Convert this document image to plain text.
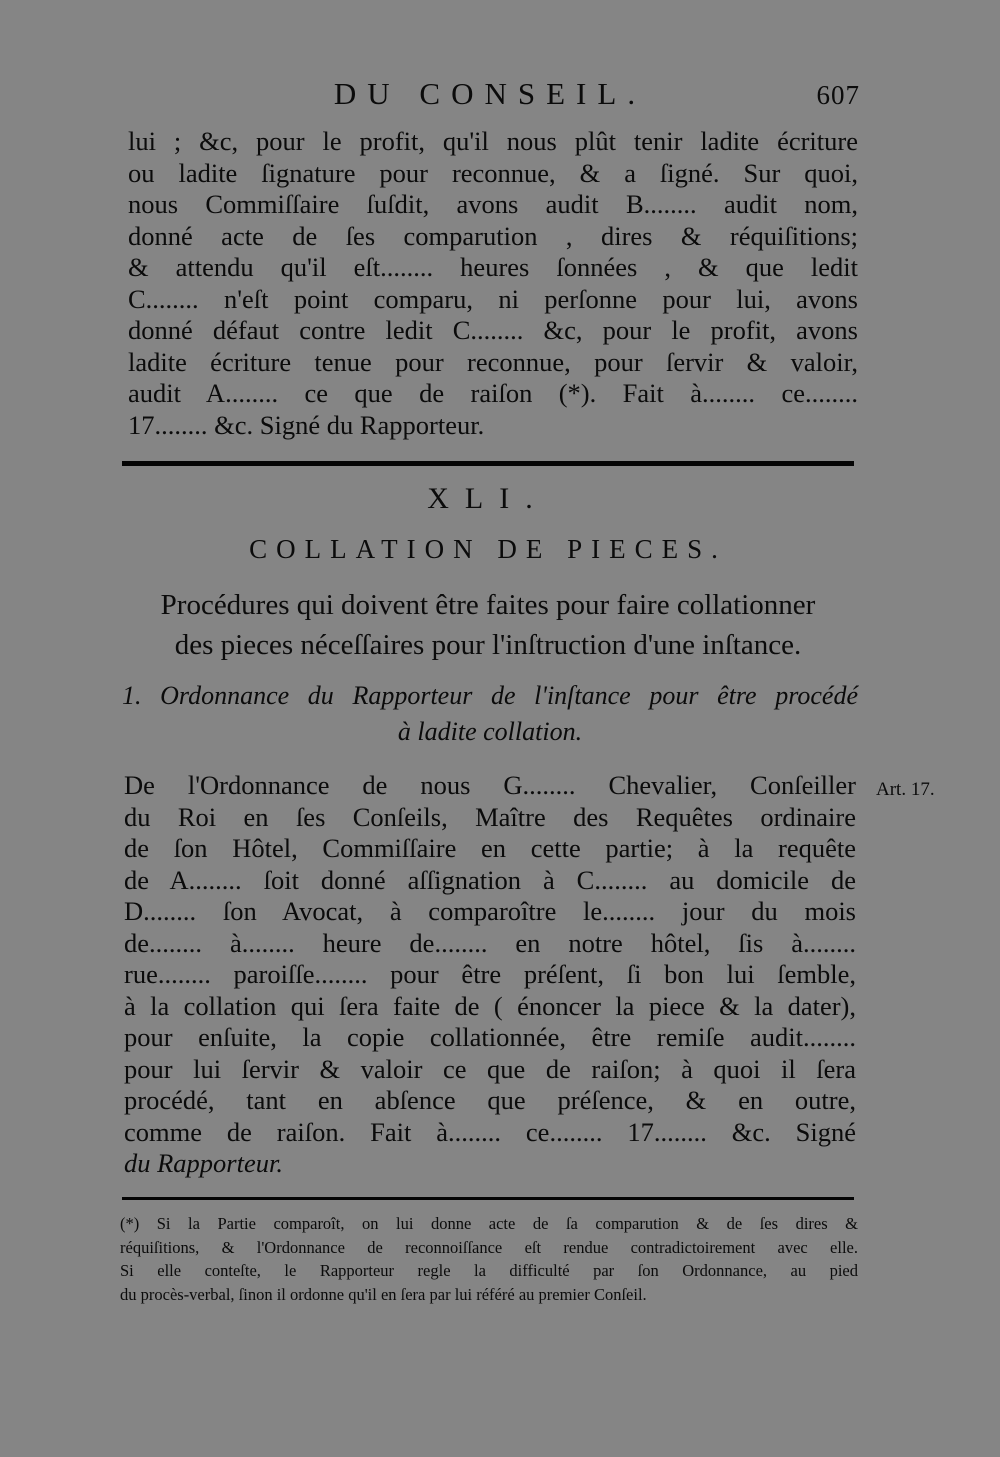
DU CONSEIL.	607
lui ; &c, pour le profit, qu'il nous plût tenir ladite écriture
ou ladite ſignature pour reconnue, & a ſigné. Sur quoi,
nous Commiſſaire ſuſdit, avons audit B........ audit nom,
donné acte de ſes comparution , dires & réquiſitions;
& attendu qu'il eſt........ heures ſonnées , & que ledit
C........ n'eſt point comparu, ni perſonne pour lui, avons
donné défaut contre ledit C........ &c, pour le profit, avons
ladite écriture tenue pour reconnue, pour ſervir & valoir,
audit A........ ce que de raiſon (*). Fait à........ ce........
17........ &c. Signé du Rapporteur.
XLI.
COLLATION DE PIECES.
Procédures qui doivent être faites pour faire collationner
des pieces néceſſaires pour l'inſtruction d'une inſtance.
1. Ordonnance du Rapporteur de l'inſtance pour être procédé
à ladite collation.
Art. 17.
De l'Ordonnance de nous G........ Chevalier, Conſeiller
du Roi en ſes Conſeils, Maître des Requêtes ordinaire
de ſon Hôtel, Commiſſaire en cette partie; à la requête
de A........ ſoit donné aſſignation à C........ au domicile de
D........ ſon Avocat, à comparoître le........ jour du mois
de........ à........ heure de........ en notre hôtel, ſis à........
rue........ paroiſſe........ pour être préſent, ſi bon lui ſemble,
à la collation qui ſera faite de ( énoncer la piece & la dater),
pour enſuite, la copie collationnée, être remiſe audit........
pour lui ſervir & valoir ce que de raiſon; à quoi il ſera
procédé, tant en abſence que préſence, & en outre,
comme de raiſon. Fait à........ ce........ 17........ &c. Signé
du Rapporteur.
(*) Si la Partie comparoît, on lui donne acte de ſa comparution & de ſes dires &
réquiſitions, & l'Ordonnance de reconnoiſſance eſt rendue contradictoirement avec elle.
Si elle conteſte, le Rapporteur regle la difficulté par ſon Ordonnance, au pied
du procès-verbal, ſinon il ordonne qu'il en ſera par lui référé au premier Conſeil.
